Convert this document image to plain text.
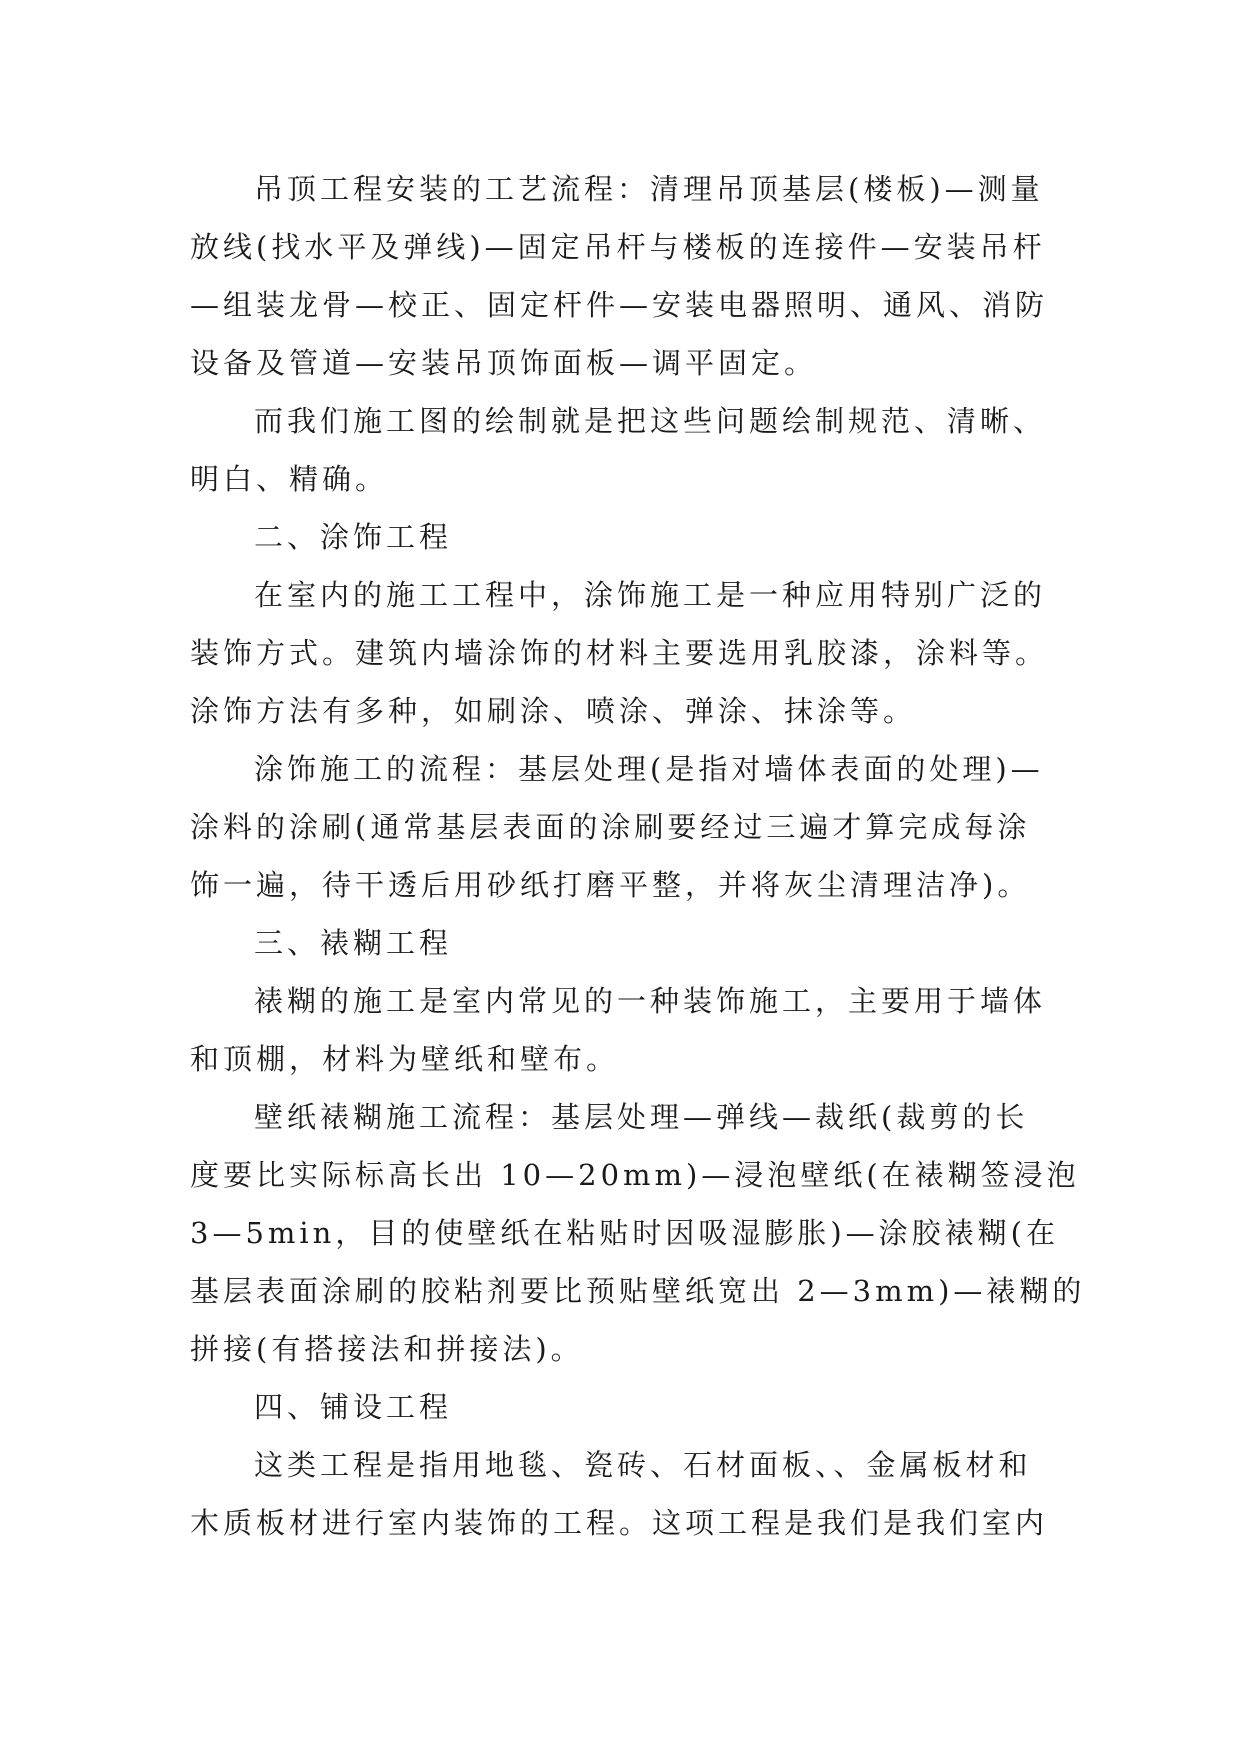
吊顶工程安装的工艺流程：清理吊顶基层(楼板)—测量
放线(找水平及弹线)—固定吊杆与楼板的连接件—安装吊杆
—组装龙骨—校正、固定杆件—安装电器照明、通风、消防
设备及管道—安装吊顶饰面板—调平固定。
而我们施工图的绘制就是把这些问题绘制规范、清晰、
明白、精确。
二、涂饰工程
在室内的施工工程中，涂饰施工是一种应用特别广泛的
装饰方式。建筑内墙涂饰的材料主要选用乳胶漆，涂料等。
涂饰方法有多种，如刷涂、喷涂、弹涂、抹涂等。
涂饰施工的流程：基层处理(是指对墙体表面的处理)—
涂料的涂刷(通常基层表面的涂刷要经过三遍才算完成每涂
饰一遍，待干透后用砂纸打磨平整，并将灰尘清理洁净)。
三、裱糊工程
裱糊的施工是室内常见的一种装饰施工，主要用于墙体
和顶棚，材料为壁纸和壁布。
壁纸裱糊施工流程：基层处理—弹线—裁纸(裁剪的长
度要比实际标高长出 10—20mm)—浸泡壁纸(在裱糊签浸泡
3—5min，目的使壁纸在粘贴时因吸湿膨胀)—涂胶裱糊(在
基层表面涂刷的胶粘剂要比预贴壁纸宽出 2—3mm)—裱糊的
拼接(有搭接法和拼接法)。
四、铺设工程
这类工程是指用地毯、瓷砖、石材面板、、金属板材和
木质板材进行室内装饰的工程。这项工程是我们是我们室内
